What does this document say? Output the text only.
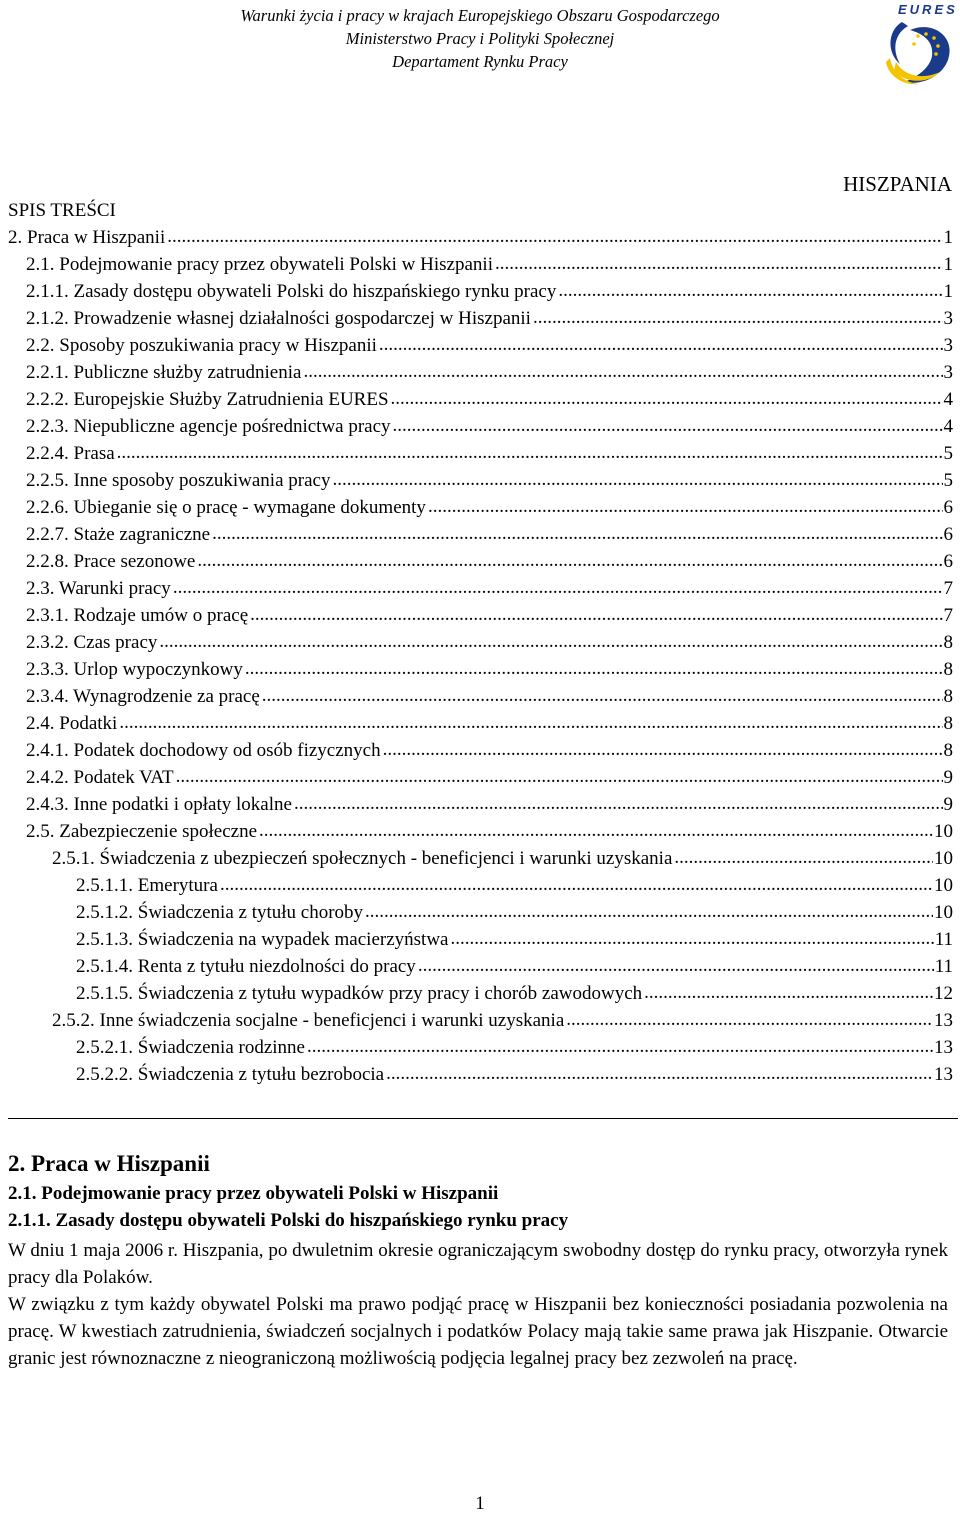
Warunki życia i pracy w krajach Europejskiego Obszaru Gospodarczego
Ministerstwo Pracy i Polityki Społecznej
Departament Rynku Pracy
EURES
HISZPANIA
SPIS TREŚCI
2. Praca w Hiszpanii .....	1
2.1. Podejmowanie pracy przez obywateli Polski w Hiszpanii .....	1
2.1.1. Zasady dostępu obywateli Polski do hiszpańskiego rynku pracy .....	1
2.1.2. Prowadzenie własnej działalności gospodarczej w Hiszpanii .....	3
2.2. Sposoby poszukiwania pracy w Hiszpanii .....	3
2.2.1. Publiczne służby zatrudnienia .....	3
2.2.2. Europejskie Służby Zatrudnienia EURES .....	4
2.2.3. Niepubliczne agencje pośrednictwa pracy .....	4
2.2.4. Prasa .....	5
2.2.5. Inne sposoby poszukiwania pracy .....	5
2.2.6. Ubieganie się o pracę - wymagane dokumenty .....	6
2.2.7. Staże zagraniczne .....	6
2.2.8. Prace sezonowe .....	6
2.3. Warunki pracy .....	7
2.3.1. Rodzaje umów o pracę .....	7
2.3.2. Czas pracy .....	8
2.3.3. Urlop wypoczynkowy .....	8
2.3.4. Wynagrodzenie za pracę .....	8
2.4. Podatki .....	8
2.4.1. Podatek dochodowy od osób fizycznych .....	8
2.4.2. Podatek VAT .....	9
2.4.3. Inne podatki i opłaty lokalne .....	9
2.5. Zabezpieczenie społeczne .....	10
2.5.1. Świadczenia z ubezpieczeń społecznych - beneficjenci i warunki uzyskania .....	10
2.5.1.1. Emerytura .....	10
2.5.1.2. Świadczenia z tytułu choroby .....	10
2.5.1.3. Świadczenia na wypadek macierzyństwa .....	11
2.5.1.4. Renta z tytułu niezdolności do pracy .....	11
2.5.1.5. Świadczenia z tytułu wypadków przy pracy i chorób zawodowych .....	12
2.5.2. Inne świadczenia socjalne - beneficjenci i warunki uzyskania .....	13
2.5.2.1. Świadczenia rodzinne .....	13
2.5.2.2. Świadczenia z tytułu bezrobocia .....	13
2. Praca w Hiszpanii
2.1. Podejmowanie pracy przez obywateli Polski w Hiszpanii
2.1.1. Zasady dostępu obywateli Polski do hiszpańskiego rynku pracy

W dniu 1 maja 2006 r. Hiszpania, po dwuletnim okresie ograniczającym swobodny dostęp do rynku pracy, otworzyła rynek pracy dla Polaków.

W związku z tym każdy obywatel Polski ma prawo podjąć pracę w Hiszpanii bez konieczności posiadania pozwolenia na pracę. W kwestiach zatrudnienia, świadczeń socjalnych i podatków Polacy mają takie same prawa jak Hiszpanie. Otwarcie granic jest równoznaczne z nieograniczoną możliwością podjęcia legalnej pracy bez zezwoleń na pracę.

1
